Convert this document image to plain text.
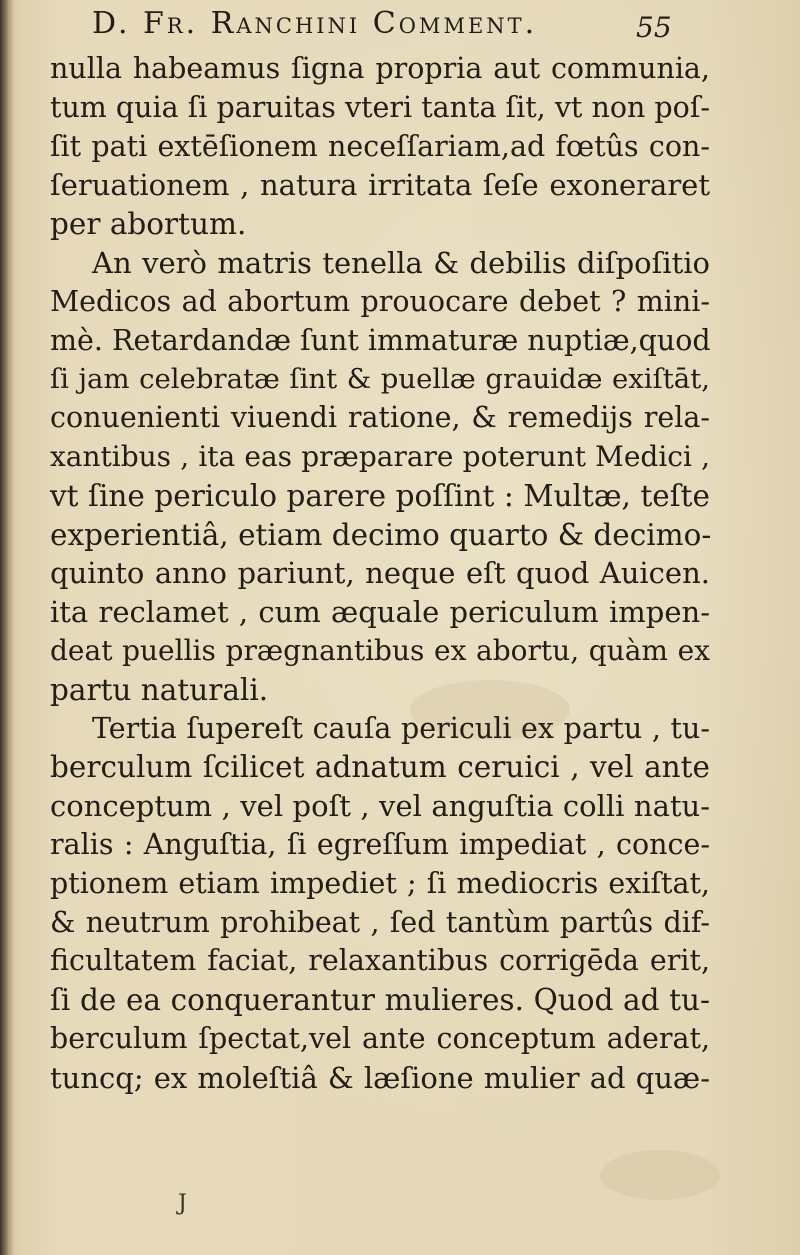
D. Fr. Ranchini Comment.	55
nulla habeamus ſigna propria aut communia,
tum quia ſi paruitas vteri tanta ſit, vt non poſ-
ſit pati extēſionem neceſſariam,ad fœtûs con-
ſeruationem , natura irritata ſeſe exoneraret
per abortum.
An verò matris tenella & debilis diſpoſitio
Medicos ad abortum prouocare debet ? mini-
mè. Retardandæ ſunt immaturæ nuptiæ,quod
ſi jam celebratæ ſint & puellæ grauidæ exiſtāt,
conuenienti viuendi ratione, & remedijs rela-
xantibus , ita eas præparare poterunt Medici ,
vt ſine periculo parere poſſint : Multæ, teſte
experientiâ, etiam decimo quarto & decimo-
quinto anno pariunt, neque eſt quod Auicen.
ita reclamet , cum æquale periculum impen-
deat puellis prægnantibus ex abortu, quàm ex
partu naturali.
Tertia ſupereſt cauſa periculi ex partu , tu-
berculum ſcilicet adnatum ceruici , vel ante
conceptum , vel poſt , vel anguſtia colli natu-
ralis : Anguſtia, ſi egreſſum impediat , conce-
ptionem etiam impediet ; ſi mediocris exiſtat,
& neutrum prohibeat , ſed tantùm partûs dif-
ficultatem faciat, relaxantibus corrigēda erit,
ſi de ea conquerantur mulieres. Quod ad tu-
berculum ſpectat,vel ante conceptum aderat,
tuncq; ex moleſtiâ & læſione mulier ad quæ-
J
